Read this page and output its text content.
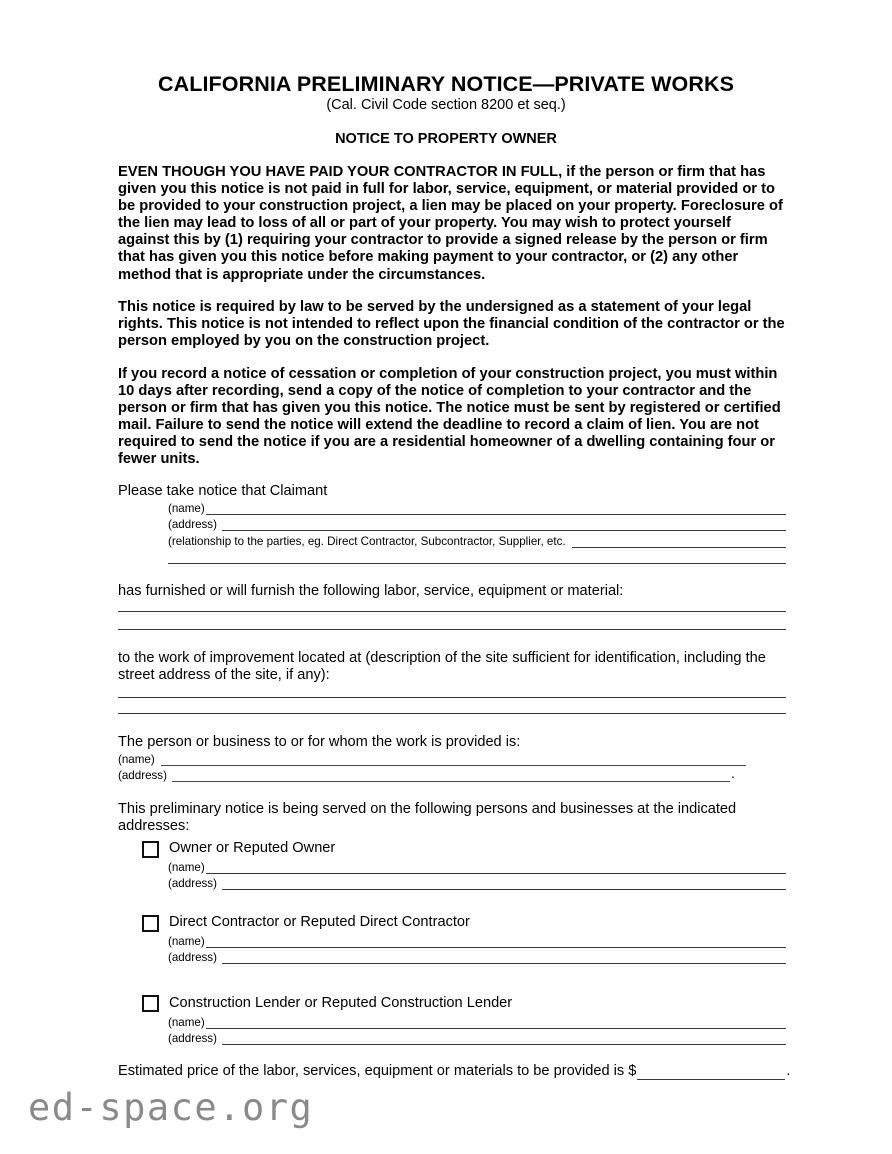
CALIFORNIA PRELIMINARY NOTICE—PRIVATE WORKS
(Cal. Civil Code section 8200 et seq.)
NOTICE TO PROPERTY OWNER
EVEN THOUGH YOU HAVE PAID YOUR CONTRACTOR IN FULL, if the person or firm that has given you this notice is not paid in full for labor, service, equipment, or material provided or to be provided to your construction project, a lien may be placed on your property. Foreclosure of the lien may lead to loss of all or part of your property. You may wish to protect yourself against this by (1) requiring your contractor to provide a signed release by the person or firm that has given you this notice before making payment to your contractor, or (2) any other method that is appropriate under the circumstances.
This notice is required by law to be served by the undersigned as a statement of your legal rights. This notice is not intended to reflect upon the financial condition of the contractor or the person employed by you on the construction project.
If you record a notice of cessation or completion of your construction project, you must within 10 days after recording, send a copy of the notice of completion to your contractor and the person or firm that has given you this notice. The notice must be sent by registered or certified mail. Failure to send the notice will extend the deadline to record a claim of lien. You are not required to send the notice if you are a residential homeowner of a dwelling containing four or fewer units.
Please take notice that Claimant
(name)
(address)
(relationship to the parties, eg. Direct Contractor, Subcontractor, Supplier, etc.
has furnished or will furnish the following labor, service, equipment or material:
to the work of improvement located at (description of the site sufficient for identification, including the
street address of the site, if any):
The person or business to or for whom the work is provided is:
(name)
(address)	.
This preliminary notice is being served on the following persons and businesses at the indicated
addresses:
Owner or Reputed Owner
(name)
(address)
Direct Contractor or Reputed Direct Contractor
(name)
(address)
Construction Lender or Reputed Construction Lender
(name)
(address)
Estimated price of the labor, services, equipment or materials to be provided is $	.
ed-space.org
